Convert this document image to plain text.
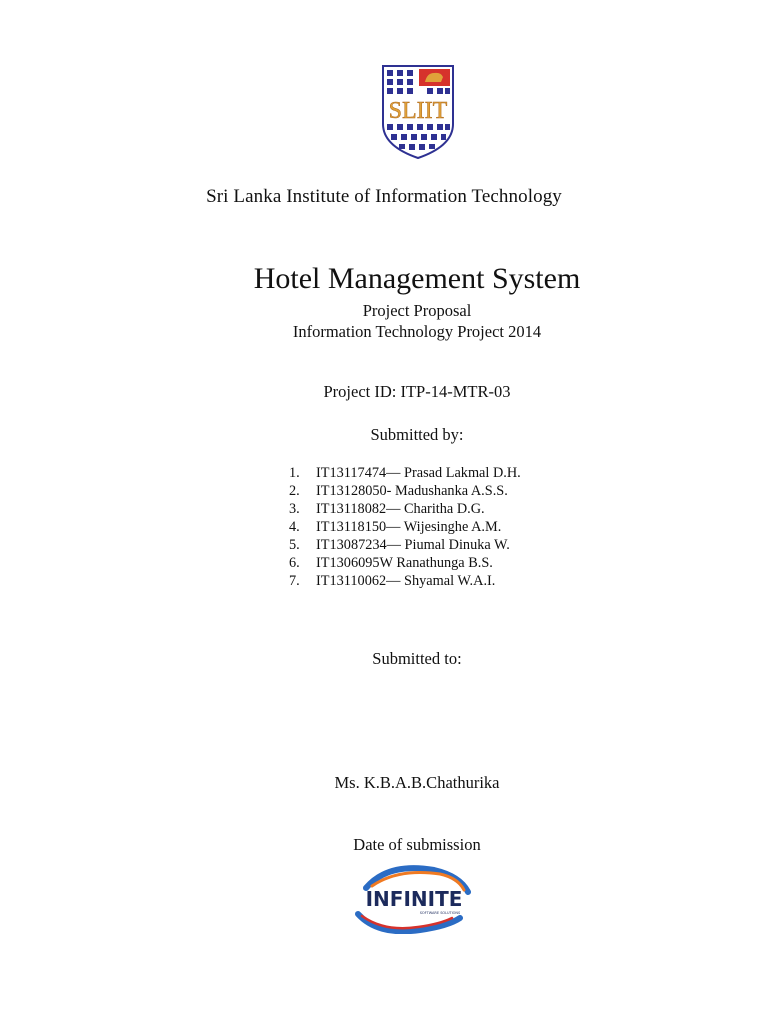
SLIIT
Sri Lanka Institute of Information Technology
Hotel Management System
Project Proposal
Information Technology Project 2014
Project ID: ITP-14-MTR-03
Submitted by:
1.	IT13117474— Prasad Lakmal D.H.
2.	IT13128050- Madushanka A.S.S.
3.	IT13118082— Charitha D.G.
4.	IT13118150— Wijesinghe A.M.
5.	IT13087234— Piumal Dinuka W.
6.	IT1306095W Ranathunga B.S.
7.	IT13110062— Shyamal W.A.I.
Submitted to:
Ms. K.B.A.B.Chathurika
Date of submission
INFINITE
SOFTWARE SOLUTIONS
